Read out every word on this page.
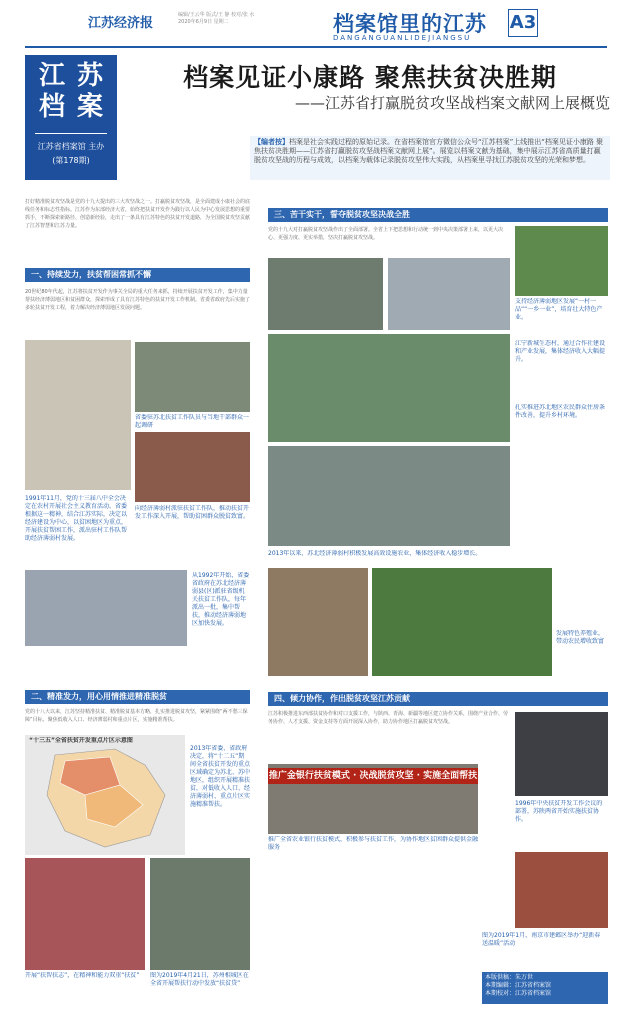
江苏经济报
编辑/王云华 版式/王 静 校对/张 水
2020年6月9日 星期二	档案馆里的江苏
DANGANGUANLIDEJIANGSU
A3
江 苏
档 案
江苏省档案馆 主办
(第178期)
档案见证小康路 聚焦扶贫决胜期
——江苏省打赢脱贫攻坚战档案文献网上展概览
【编者按】档案是社会实践过程的原始记录。在省档案馆官方微信公众号“江苏档案”上线推出“档案见证小康路 聚焦扶贫决胜期——江苏省打赢脱贫攻坚战档案文献网上展”。展览以档案文献为基础，集中展示江苏省高质量打赢脱贫攻坚战的历程与成效，以档案为载体记录脱贫攻坚伟大实践，从档案里寻找江苏脱贫攻坚的光荣和梦想。
打好精准脱贫攻坚战是党的十九大提出的三大攻坚战之一。打赢脱贫攻坚战，是全面建成小康社会的底线任务和标志性指标。江苏作为东部经济大省，始终把扶贫开发作为践行以人民为中心发展思想的重要抓手，不断探索新路径、创造新经验，走出了一条具有江苏特色的扶贫开发道路，为全国脱贫攻坚贡献了江苏智慧和江苏力量。
一、持续发力，扶贫帮困常抓不懈
20世纪80年代起，江苏将扶贫开发作为事关全局的重大任务来抓，持续开展扶贫开发工作，集中力量帮扶经济薄弱地区和贫困群众，探索形成了具有江苏特色的扶贫开发工作机制。省委省政府先后实施了多轮扶贫开发工程，着力解决经济薄弱地区发展问题。
省委驻苏北扶贫工作队员与当地干部群众一起调研
1991年11月，党的十三届八中全会决定在农村开展社会主义教育活动。省委根据这一精神，结合江苏实际，决定以经济建设为中心，以贫困地区为重点，开展扶贫帮困工作，派出驻村工作队帮助经济薄弱村发展。
向经济薄弱村派驻扶贫工作队，推动扶贫开发工作深入开展，帮助贫困群众脱贫致富。
从1992年开始，省委省政府在苏北经济薄弱县(区)派驻省级机关扶贫工作队，每年派出一批，集中帮扶，推动经济薄弱地区加快发展。
二、精准发力，用心用情推进精准脱贫
党的十八大以来，江苏坚持精准扶贫、精准脱贫基本方略，扎实推进脱贫攻坚，紧紧围绕“两不愁三保障”目标，聚焦低收入人口、经济薄弱村和重点片区，实施精准帮扶。
“十三五”全省扶贫开发重点片区示意图
2013年省委、省政府决定，将“十二五”期间全省扶贫开发的重点区域确定为苏北、苏中地区，组织开展精准扶贫，对低收入人口、经济薄弱村、重点片区实施精准帮扶。
开展“扶智扶志”，在精神和能力双重“扶贫”	图为2019年4月21日，苏州相城区在全省开展帮扶行动中发放“扶贫贷”
三、苦干实干，誓夺脱贫攻坚决战全胜
党的十九大对打赢脱贫攻坚战作出了全面部署。全省上下把思想和行动统一到中央决策部署上来，以更大决心、更强力度、更实举措，坚决打赢脱贫攻坚战。
支持经济薄弱地区发展“一村一品”“一乡一业”，培育壮大特色产业。
江宁新城生态村，通过合作社建设和产业发展，集体经济收入大幅提升。
扎实推进苏北地区农民群众住房条件改善，提升乡村环境。
2013年以来，苏北经济薄弱村积极发展高效设施农业，集体经济收入稳步增长。
发展特色养殖业，带动农民增收致富
四、倾力协作，作出脱贫攻坚江苏贡献
江苏积极推进东西部扶贫协作和对口支援工作，与陕西、青海、新疆等地区建立协作关系，围绕产业合作、劳务协作、人才支援、资金支持等方面开展深入协作，助力协作地区打赢脱贫攻坚战。
推广金银行扶贫模式 · 决战脱贫攻坚 · 实施全面帮扶
推广全省农业银行扶贫模式，积极参与扶贫工作，为协作地区贫困群众提供金融服务
1996年中央扶贫开发工作会议的部署，苏陕两省开始实施扶贫协作。
图为2019年1月，南京市建邺区举办“迎新春 送温暖”活动
本版供稿：朱万世
本期编辑：江苏省档案馆
本期校对：江苏省档案馆
